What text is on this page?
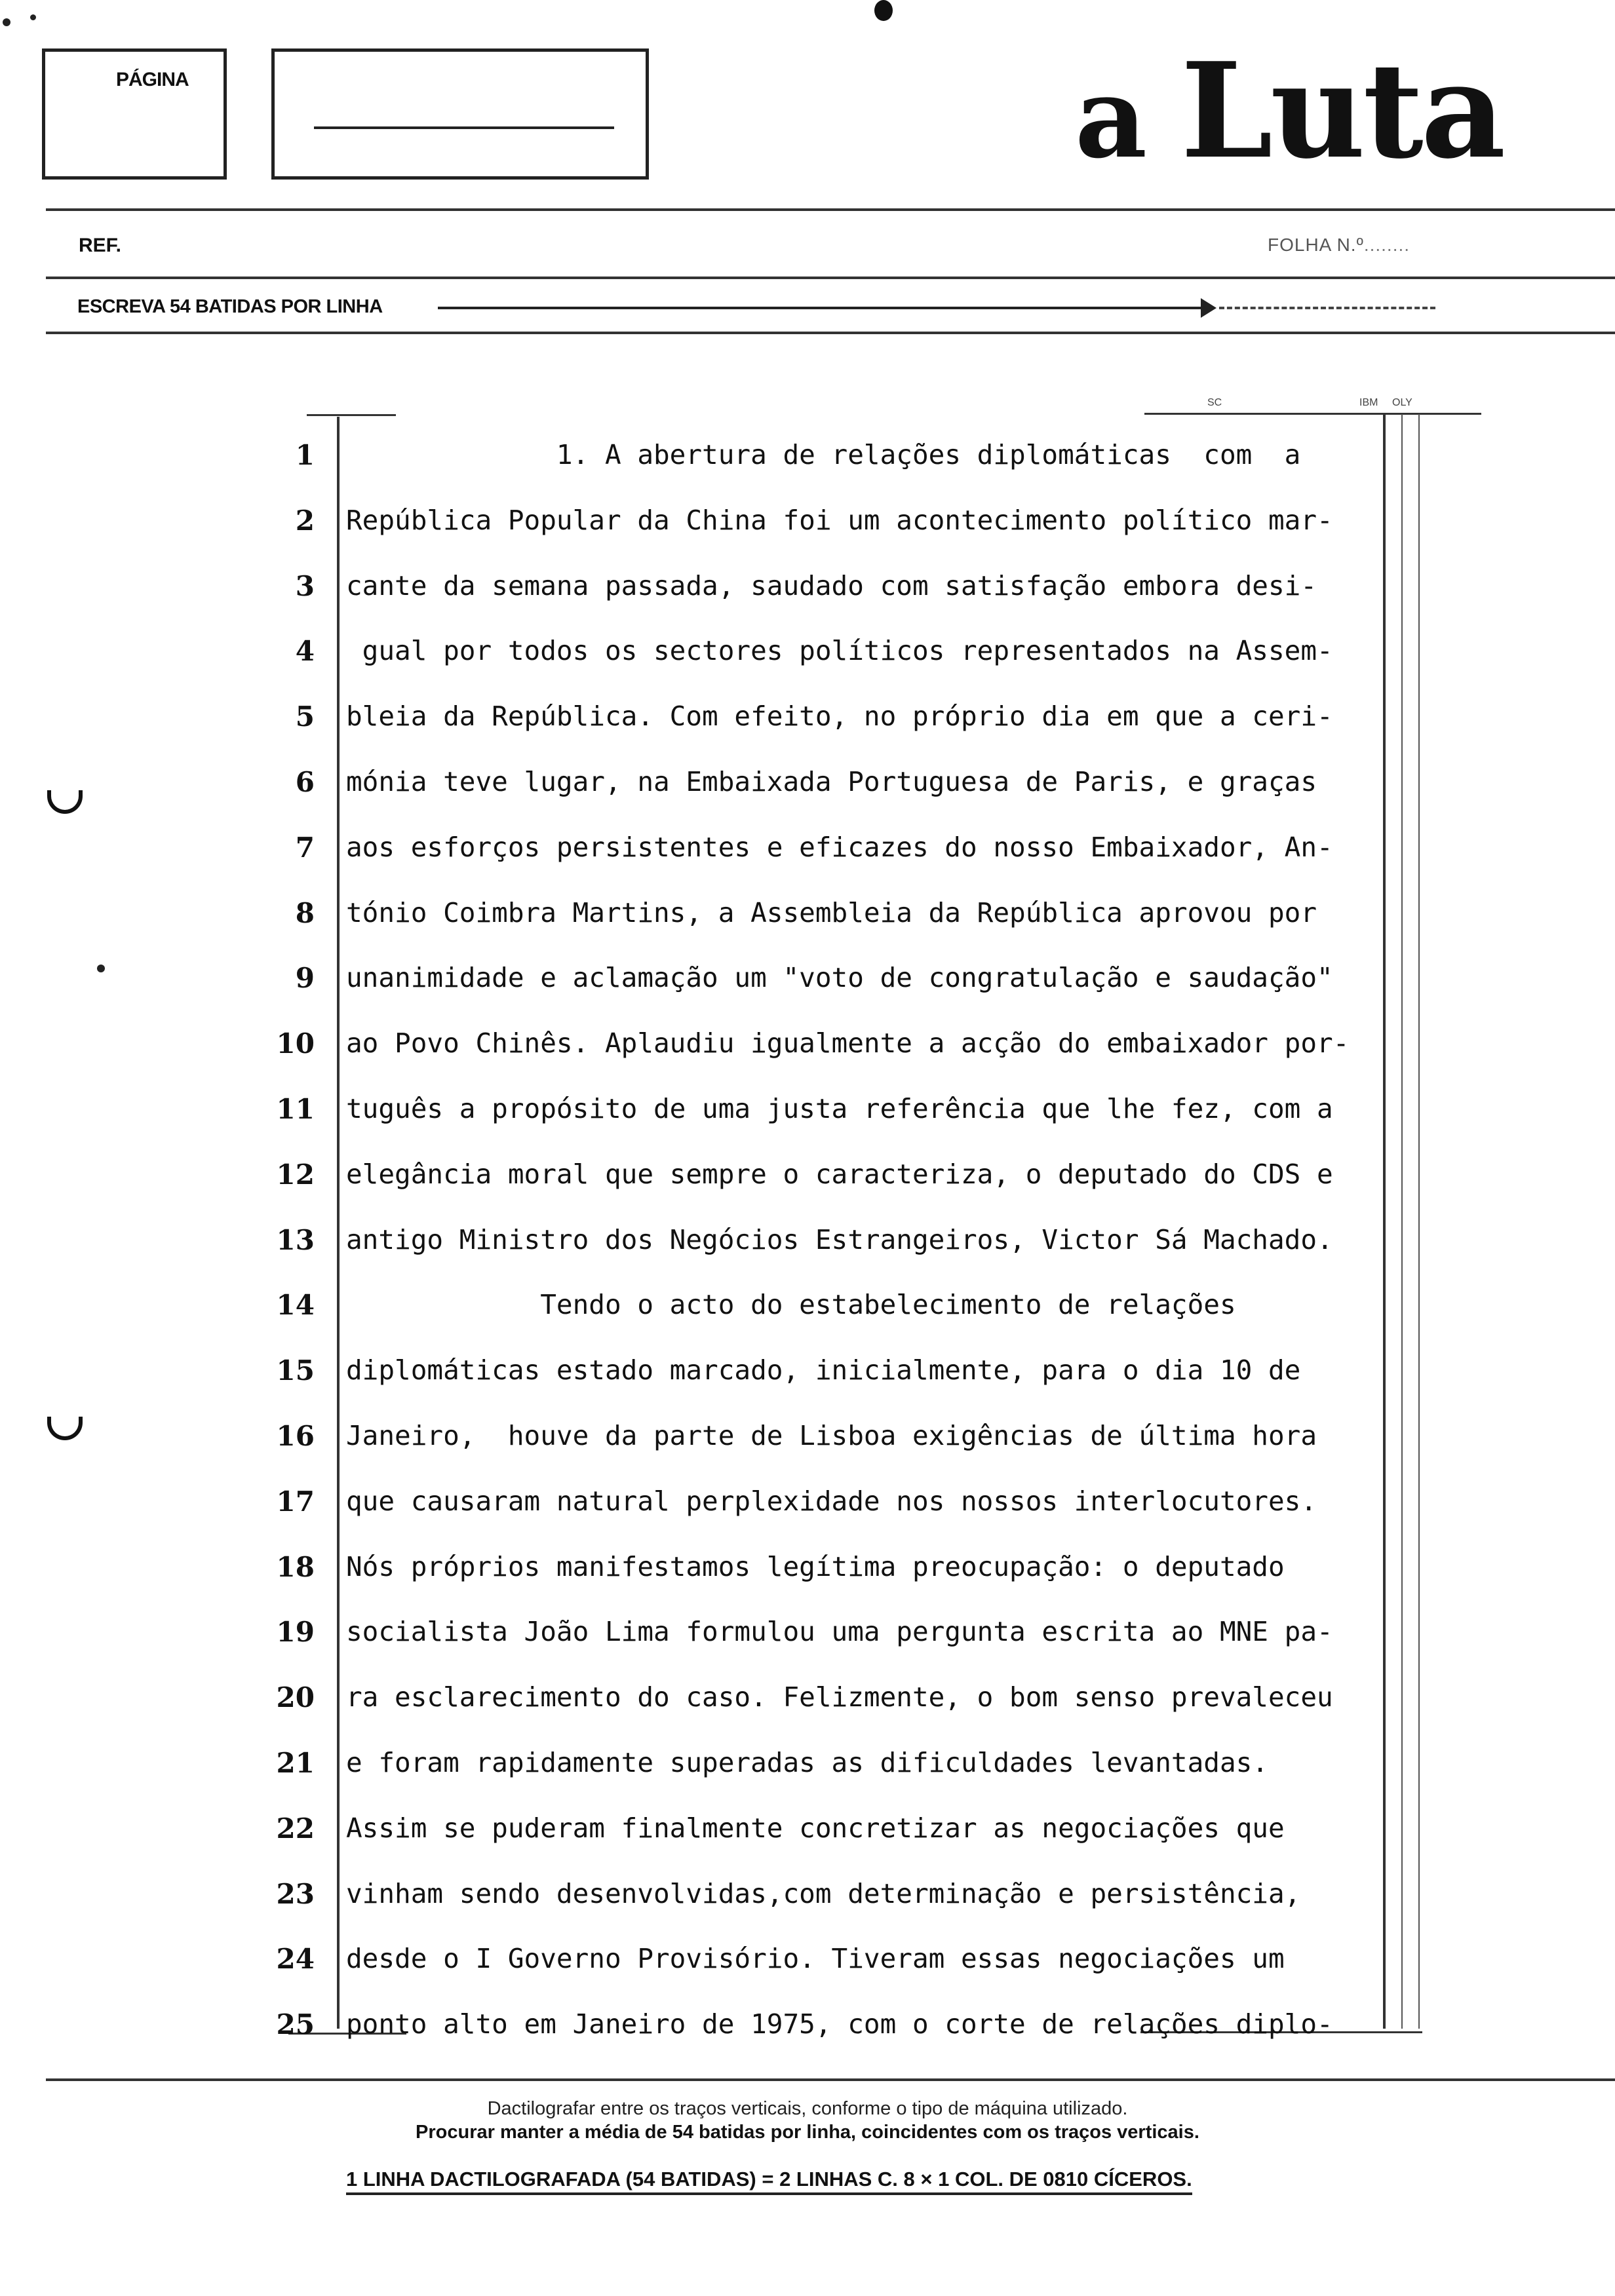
PÁGINA	a Luta
REF.	FOLHA N.º ........
ESCREVA 54 BATIDAS POR LINHA
SC	IBM OLY
1 1. A abertura de relações diplomáticas  com  a
2 República Popular da China foi um acontecimento político mar-
3 cante da semana passada, saudado com satisfação embora desi-
4 gual por todos os sectores políticos representados na Assem-
5 bleia da República. Com efeito, no próprio dia em que a ceri-
6 mónia teve lugar, na Embaixada Portuguesa de Paris, e graças
7 aos esforços persistentes e eficazes do nosso Embaixador, An-
8 tónio Coimbra Martins, a Assembleia da República aprovou por
9 unanimidade e aclamação um "voto de congratulação e saudação"
10 ao Povo Chinês. Aplaudiu igualmente a acção do embaixador por-
11 tuguês a propósito de uma justa referência que lhe fez, com a
12 elegância moral que sempre o caracteriza, o deputado do CDS e
13 antigo Ministro dos Negócios Estrangeiros, Victor Sá Machado.
14 Tendo o acto do estabelecimento de relações
15 diplomáticas estado marcado, inicialmente, para o dia 10 de
16 Janeiro,  houve da parte de Lisboa exigências de última hora
17 que causaram natural perplexidade nos nossos interlocutores.
18 Nós próprios manifestamos legítima preocupação: o deputado
19 socialista João Lima formulou uma pergunta escrita ao MNE pa-
20 ra esclarecimento do caso. Felizmente, o bom senso prevaleceu
21 e foram rapidamente superadas as dificuldades levantadas.
22 Assim se puderam finalmente concretizar as negociações que
23 vinham sendo desenvolvidas,com determinação e persistência,
24 desde o I Governo Provisório. Tiveram essas negociações um
25 ponto alto em Janeiro de 1975, com o corte de relações diplo-
Dactilografar entre os traços verticais, conforme o tipo de máquina utilizado.
Procurar manter a média de 54 batidas por linha, coincidentes com os traços verticais.
1 LINHA DACTILOGRAFADA (54 BATIDAS) = 2 LINHAS C. 8 × 1 COL. DE 0810 CÍCEROS.
